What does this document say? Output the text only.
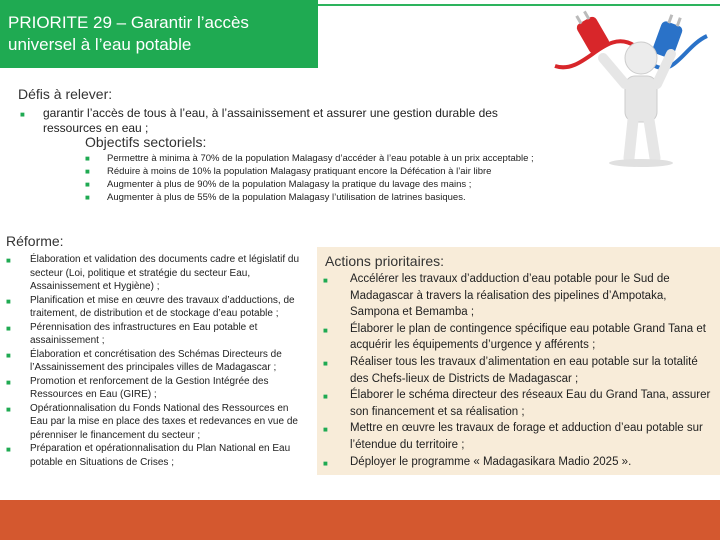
PRIORITE 29 – Garantir l’accès universel à l’eau potable
Défis à relever:
■ garantir l’accès de tous à l’eau, à l’assainissement et assurer une gestion durable des ressources en eau ;
Objectifs sectoriels:
■ Permettre à minima à 70% de la population Malagasy d’accéder à l’eau potable à un prix acceptable ;
■ Réduire à moins de 10% la population Malagasy pratiquant encore la Défécation à l’air libre
■ Augmenter à plus de 90% de la population Malagasy la pratique du lavage des mains ;
■ Augmenter à plus de 55% de la population Malagasy l’utilisation de latrines basiques.
Réforme:
■ Élaboration et validation des documents cadre et législatif du secteur (Loi, politique et stratégie du secteur Eau, Assainissement et Hygiène) ;
■ Planification et mise en œuvre des travaux d’adductions, de traitement, de distribution et de stockage d’eau potable ;
■ Pérennisation des infrastructures en Eau potable et assainissement ;
■ Élaboration et concrétisation des Schémas Directeurs de l’Assainissement des principales villes de Madagascar ;
■ Promotion et renforcement de la Gestion Intégrée des Ressources en Eau (GIRE) ;
■ Opérationnalisation du Fonds National des Ressources en Eau par la mise en place des taxes et redevances en vue de pérenniser le financement du secteur ;
■ Préparation et opérationnalisation du Plan National en Eau potable en Situations de Crises ;
Actions prioritaires:
■ Accélérer les travaux d’adduction d’eau potable pour le Sud de Madagascar à travers la réalisation des pipelines d’Ampotaka, Sampona et Bemamba ;
■ Élaborer le plan de contingence spécifique eau potable Grand Tana et acquérir les équipements d’urgence y afférents ;
■ Réaliser tous les travaux d’alimentation en eau potable sur la totalité des Chefs-lieux de Districts de Madagascar ;
■ Élaborer le schéma directeur des réseaux Eau du Grand Tana, assurer son financement et sa réalisation ;
■ Mettre en œuvre les travaux de forage et adduction d’eau potable sur l’étendue du territoire ;
■ Déployer le programme « Madagasikara Madio 2025 ».
